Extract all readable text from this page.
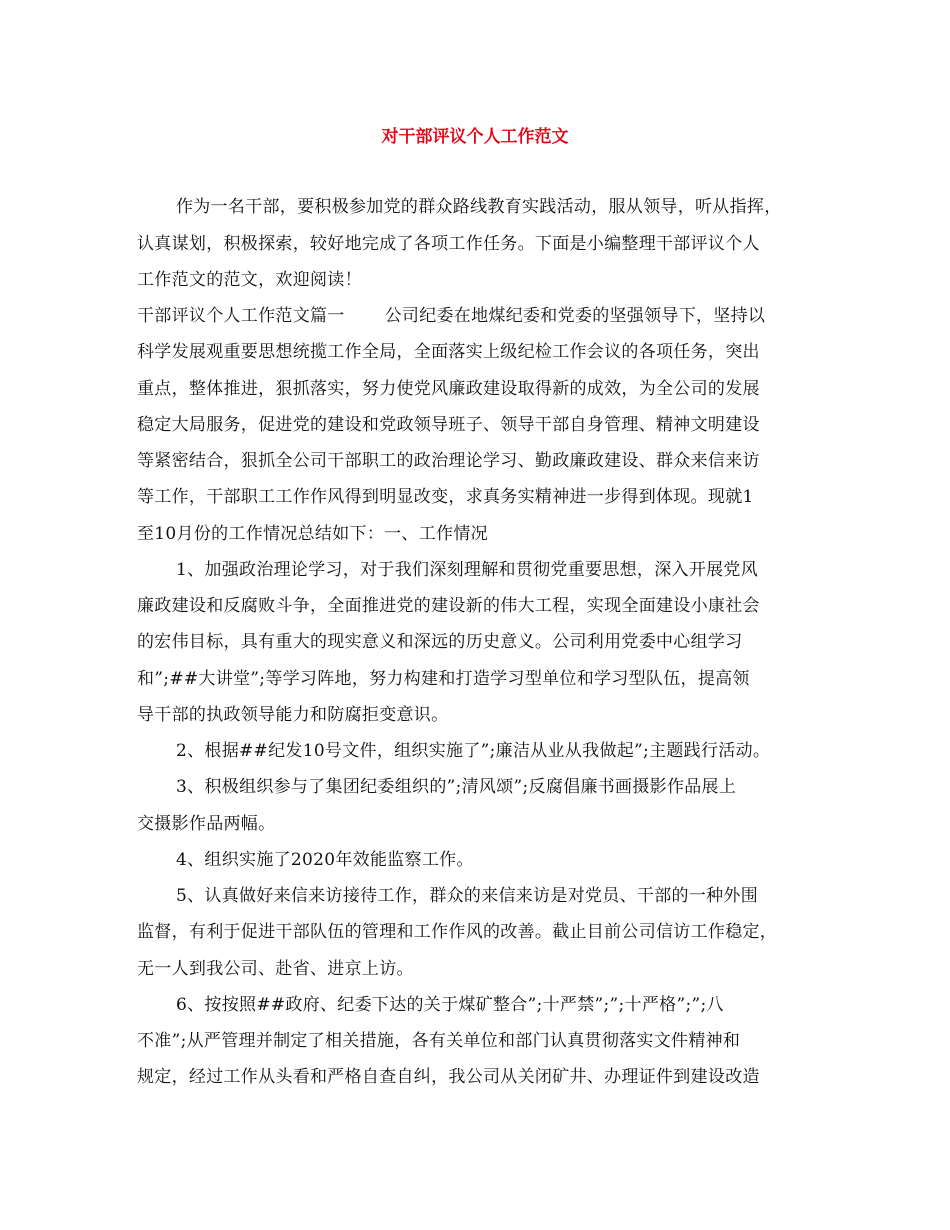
对干部评议个人工作范文
作为一名干部，要积极参加党的群众路线教育实践活动，服从领导，听从指挥，
认真谋划，积极探索，较好地完成了各项工作任务。下面是小编整理干部评议个人
工作范文的范文，欢迎阅读！
干部评议个人工作范文篇一 公司纪委在地煤纪委和党委的坚强领导下，坚持以
科学发展观重要思想统揽工作全局，全面落实上级纪检工作会议的各项任务，突出
重点，整体推进，狠抓落实，努力使党风廉政建设取得新的成效，为全公司的发展
稳定大局服务，促进党的建设和党政领导班子、领导干部自身管理、精神文明建设
等紧密结合，狠抓全公司干部职工的政治理论学习、勤政廉政建设、群众来信来访
等工作，干部职工工作作风得到明显改变，求真务实精神进一步得到体现。现就1
至10月份的工作情况总结如下：一、工作情况
1、加强政治理论学习，对于我们深刻理解和贯彻党重要思想，深入开展党风
廉政建设和反腐败斗争，全面推进党的建设新的伟大工程，实现全面建设小康社会
的宏伟目标，具有重大的现实意义和深远的历史意义。公司利用党委中心组学习
和”;##大讲堂”;等学习阵地，努力构建和打造学习型单位和学习型队伍，提高领
导干部的执政领导能力和防腐拒变意识。
2、根据##纪发10号文件，组织实施了”;廉洁从业从我做起”;主题践行活动。
3、积极组织参与了集团纪委组织的”;清风颂”;反腐倡廉书画摄影作品展上
交摄影作品两幅。
4、组织实施了2020年效能监察工作。
5、认真做好来信来访接待工作，群众的来信来访是对党员、干部的一种外围
监督，有利于促进干部队伍的管理和工作作风的改善。截止目前公司信访工作稳定，
无一人到我公司、赴省、进京上访。
6、按按照##政府、纪委下达的关于煤矿整合”;十严禁”;”;十严格”;”;八
不准”;从严管理并制定了相关措施，各有关单位和部门认真贯彻落实文件精神和
规定，经过工作从头看和严格自查自纠，我公司从关闭矿井、办理证件到建设改造
